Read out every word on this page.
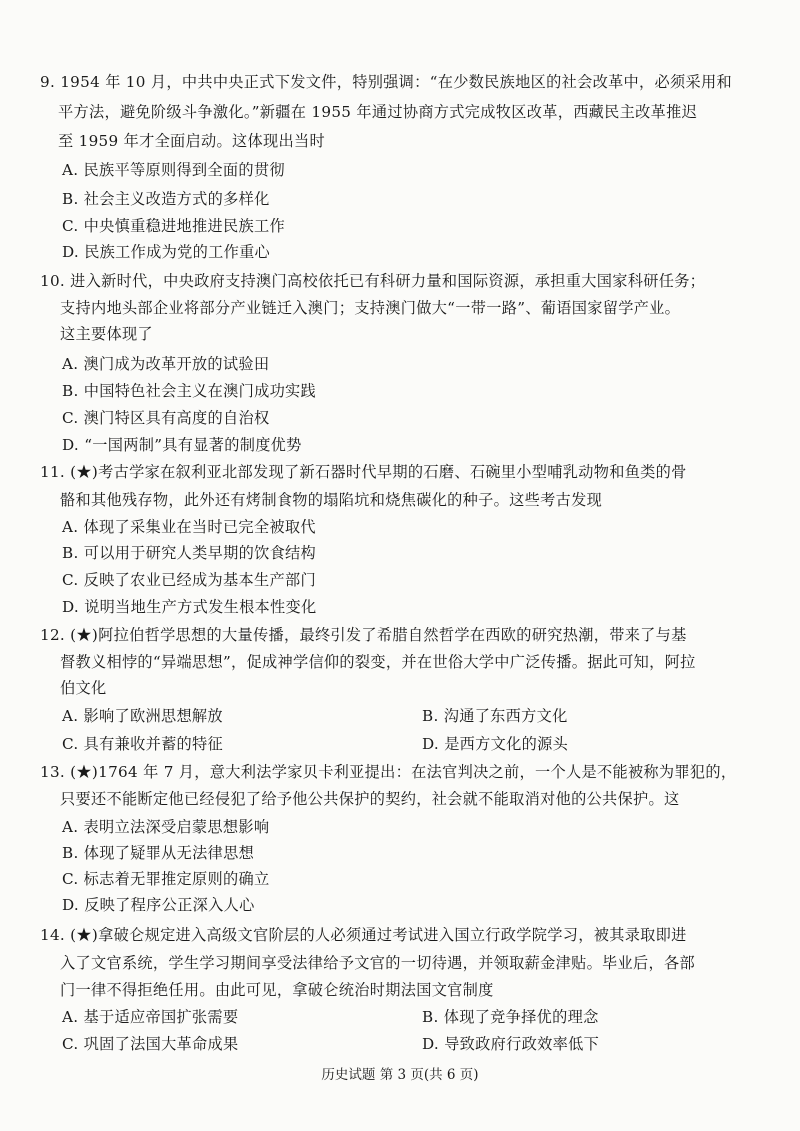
9. 1954 年 10 月，中共中央正式下发文件，特别强调：“在少数民族地区的社会改革中，必须采用和
平方法，避免阶级斗争激化。”新疆在 1955 年通过协商方式完成牧区改革，西藏民主改革推迟
至 1959 年才全面启动。这体现出当时
A. 民族平等原则得到全面的贯彻
B. 社会主义改造方式的多样化
C. 中央慎重稳进地推进民族工作
D. 民族工作成为党的工作重心
10. 进入新时代，中央政府支持澳门高校依托已有科研力量和国际资源，承担重大国家科研任务；
支持内地头部企业将部分产业链迁入澳门；支持澳门做大“一带一路”、葡语国家留学产业。
这主要体现了
A. 澳门成为改革开放的试验田
B. 中国特色社会主义在澳门成功实践
C. 澳门特区具有高度的自治权
D. “一国两制”具有显著的制度优势
11. (★)考古学家在叙利亚北部发现了新石器时代早期的石磨、石碗里小型哺乳动物和鱼类的骨
骼和其他残存物，此外还有烤制食物的塌陷坑和烧焦碳化的种子。这些考古发现
A. 体现了采集业在当时已完全被取代
B. 可以用于研究人类早期的饮食结构
C. 反映了农业已经成为基本生产部门
D. 说明当地生产方式发生根本性变化
12. (★)阿拉伯哲学思想的大量传播，最终引发了希腊自然哲学在西欧的研究热潮，带来了与基
督教义相悖的“异端思想”，促成神学信仰的裂变，并在世俗大学中广泛传播。据此可知，阿拉
伯文化
A. 影响了欧洲思想解放	B. 沟通了东西方文化
C. 具有兼收并蓄的特征	D. 是西方文化的源头
13. (★)1764 年 7 月，意大利法学家贝卡利亚提出：在法官判决之前，一个人是不能被称为罪犯的，
只要还不能断定他已经侵犯了给予他公共保护的契约，社会就不能取消对他的公共保护。这
A. 表明立法深受启蒙思想影响
B. 体现了疑罪从无法律思想
C. 标志着无罪推定原则的确立
D. 反映了程序公正深入人心
14. (★)拿破仑规定进入高级文官阶层的人必须通过考试进入国立行政学院学习，被其录取即进
入了文官系统，学生学习期间享受法律给予文官的一切待遇，并领取薪金津贴。毕业后，各部
门一律不得拒绝任用。由此可见，拿破仑统治时期法国文官制度
A. 基于适应帝国扩张需要	B. 体现了竞争择优的理念
C. 巩固了法国大革命成果	D. 导致政府行政效率低下
历史试题 第 3 页(共 6 页)
